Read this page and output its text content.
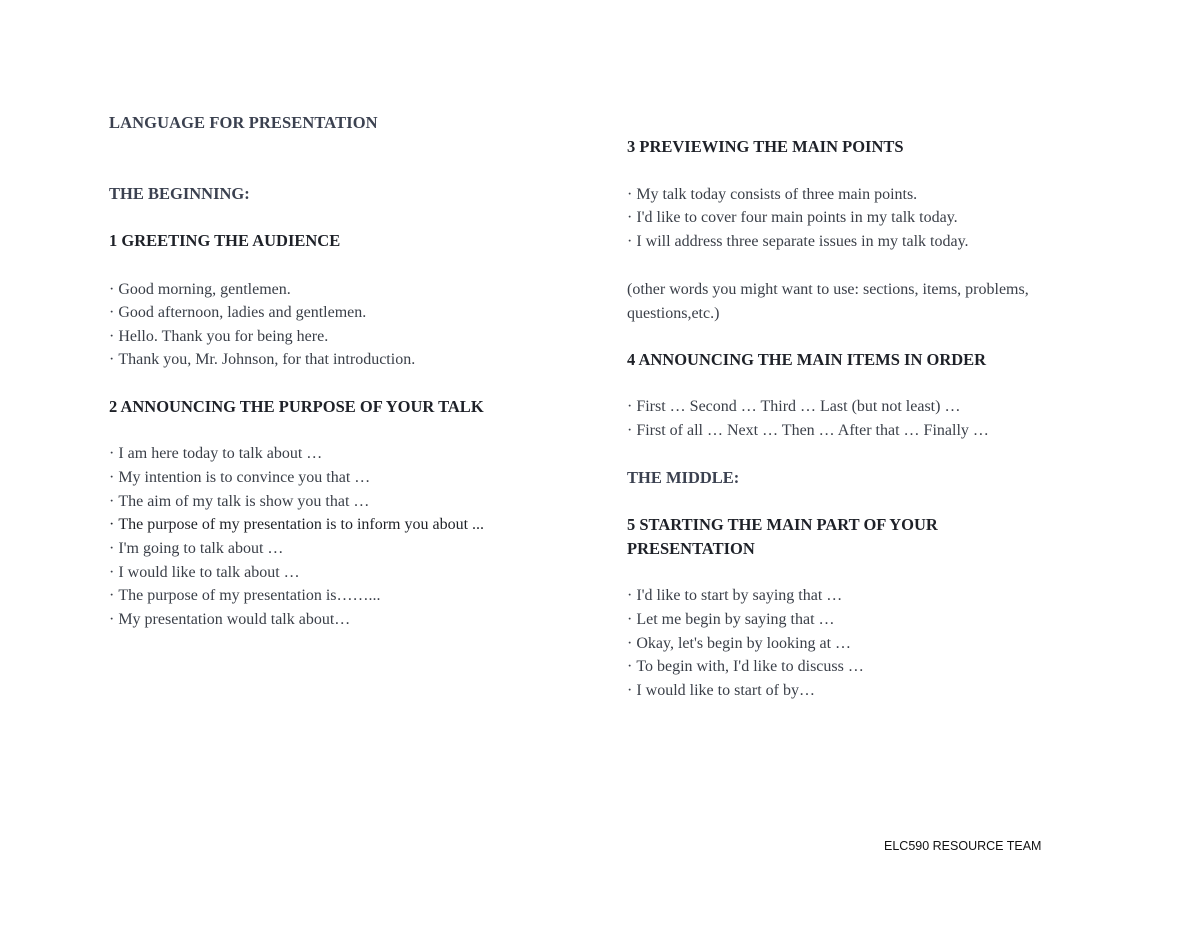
LANGUAGE FOR PRESENTATION
THE BEGINNING:
1 GREETING THE AUDIENCE
· Good morning, gentlemen.
· Good afternoon, ladies and gentlemen.
· Hello. Thank you for being here.
· Thank you, Mr. Johnson, for that introduction.
2 ANNOUNCING THE PURPOSE OF YOUR TALK
· I am here today to talk about …
· My intention is to convince you that …
· The aim of my talk is show you that …
· The purpose of my presentation is to inform you about ...
· I'm going to talk about …
· I would like to talk about …
· The purpose of my presentation is……...
· My presentation would talk about…
3 PREVIEWING THE MAIN POINTS
· My talk today consists of three main points.
· I'd like to cover four main points in my talk today.
· I will address three separate issues in my talk today.
(other words you might want to use: sections, items, problems, questions,etc.)
4 ANNOUNCING THE MAIN ITEMS IN ORDER
· First … Second … Third … Last (but not least) …
· First of all … Next … Then … After that … Finally …
THE MIDDLE:
5 STARTING THE MAIN PART OF YOUR PRESENTATION
· I'd like to start by saying that …
· Let me begin by saying that …
· Okay, let's begin by looking at …
· To begin with, I'd like to discuss …
· I would like to start of by…
ELC590 RESOURCE TEAM
